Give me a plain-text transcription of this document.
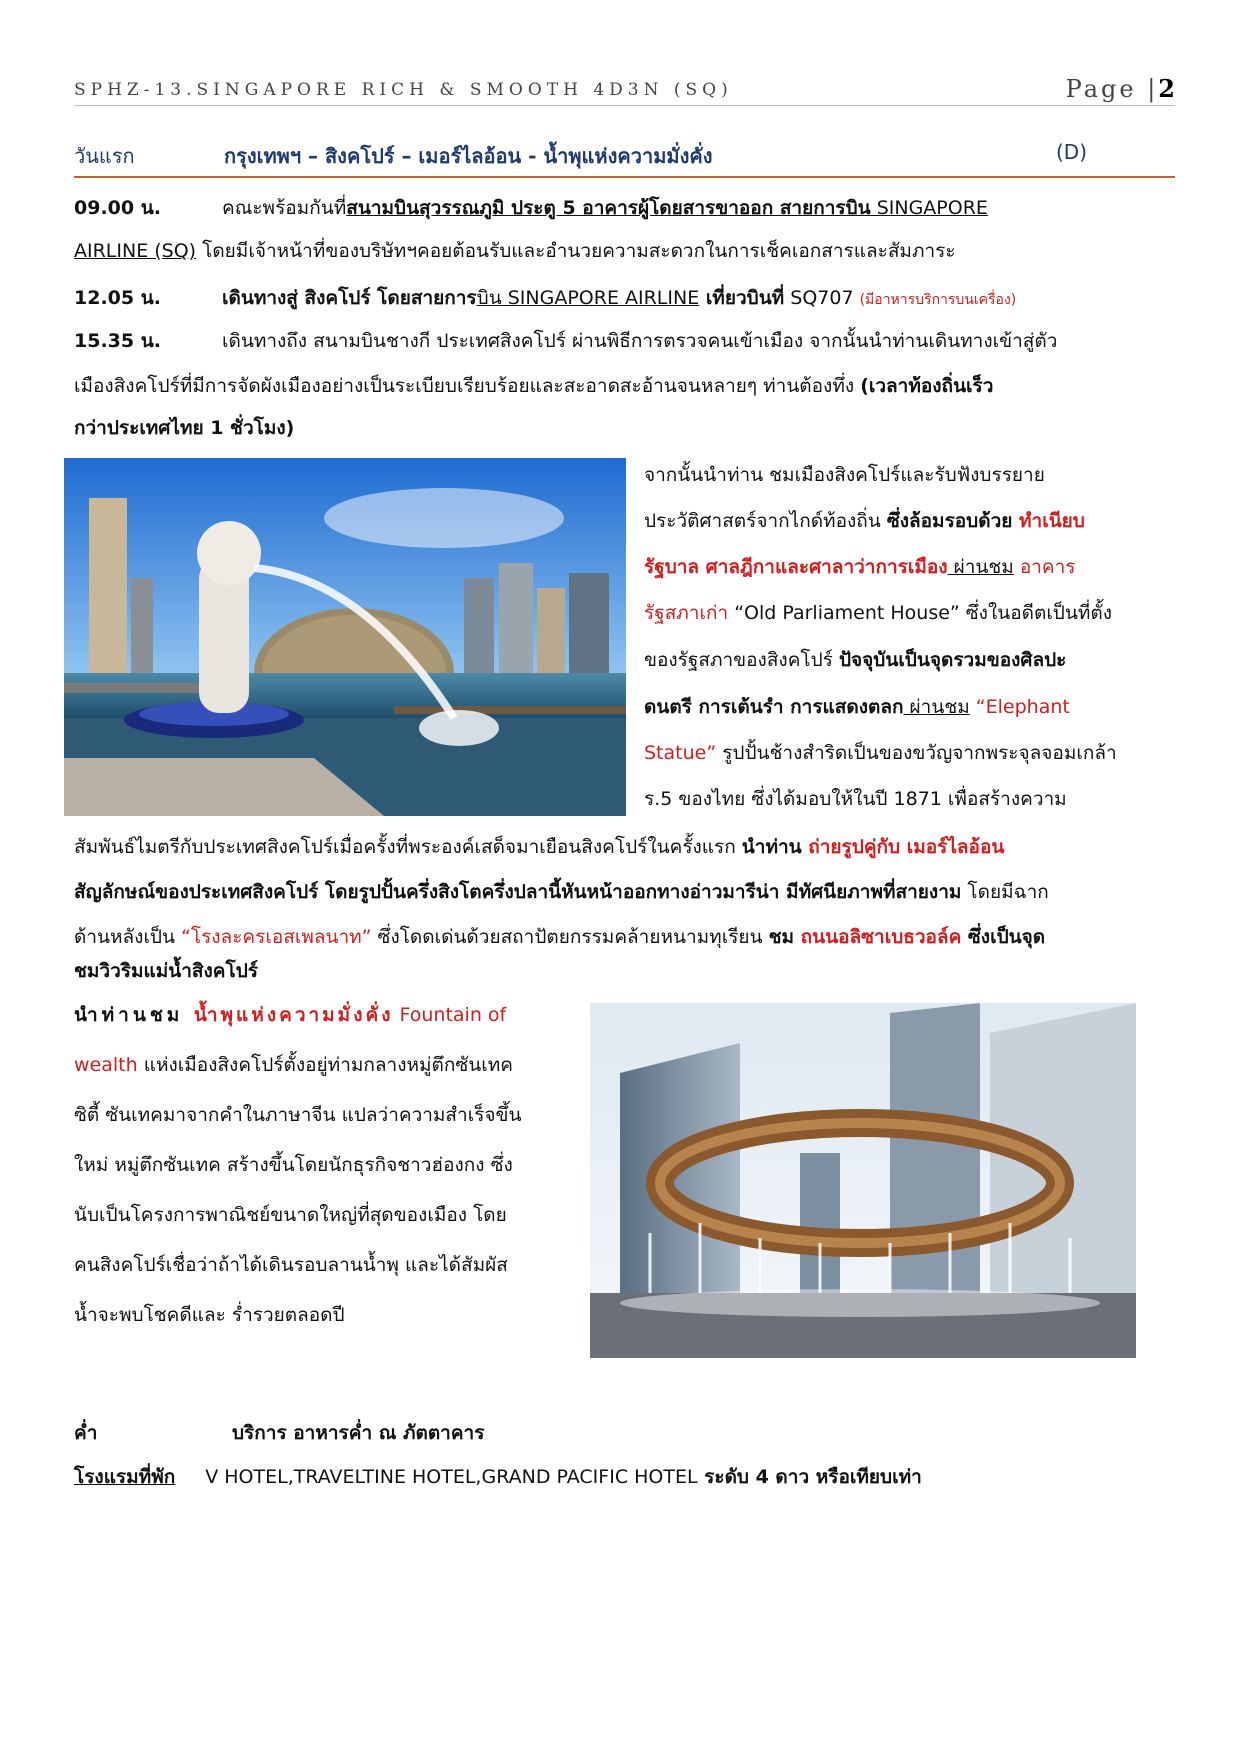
SPHZ-13.SINGAPORE RICH & SMOOTH 4D3N (SQ)	Page |2
วันแรก	กรุงเทพฯ – สิงคโปร์ – เมอร์ไลอ้อน - น้ำพุแห่งความมั่งคั่ง	(D)
09.00 น.	คณะพร้อมกันที่สนามบินสุวรรณภูมิ ประตู 5 อาคารผู้โดยสารขาออก สายการบิน SINGAPORE
AIRLINE (SQ) โดยมีเจ้าหน้าที่ของบริษัทฯคอยต้อนรับและอำนวยความสะดวกในการเช็คเอกสารและสัมภาระ
12.05 น.	เดินทางสู่ สิงคโปร์ โดยสายการบิน SINGAPORE AIRLINE เที่ยวบินที่ SQ707 (มีอาหารบริการบนเครื่อง)
15.35 น.	เดินทางถึง สนามบินชางกี ประเทศสิงคโปร์ ผ่านพิธีการตรวจคนเข้าเมือง จากนั้นนำท่านเดินทางเข้าสู่ตัว
เมืองสิงคโปร์ที่มีการจัดผังเมืองอย่างเป็นระเบียบเรียบร้อยและสะอาดสะอ้านจนหลายๆ ท่านต้องทึ่ง (เวลาท้องถิ่นเร็ว
กว่าประเทศไทย 1 ชั่วโมง)
จากนั้นนำท่าน ชมเมืองสิงคโปร์และรับฟังบรรยาย
ประวัติศาสตร์จากไกด์ท้องถิ่น ซึ่งล้อมรอบด้วย ทำเนียบ
รัฐบาล ศาลฎีกาและศาลาว่าการเมือง ผ่านชม อาคาร
รัฐสภาเก่า “Old Parliament House” ซึ่งในอดีตเป็นที่ตั้ง
ของรัฐสภาของสิงคโปร์ ปัจจุบันเป็นจุดรวมของศิลปะ
ดนตรี การเต้นรำ การแสดงตลก ผ่านชม “Elephant
Statue” รูปปั้นช้างสำริดเป็นของขวัญจากพระจุลจอมเกล้า
ร.5 ของไทย ซึ่งได้มอบให้ในปี 1871 เพื่อสร้างความ
สัมพันธ์ไมตรีกับประเทศสิงคโปร์เมื่อครั้งที่พระองค์เสด็จมาเยือนสิงคโปร์ในครั้งแรก นำท่าน ถ่ายรูปคู่กับ เมอร์ไลอ้อน
สัญลักษณ์ของประเทศสิงคโปร์ โดยรูปปั้นครึ่งสิงโตครึ่งปลานี้หันหน้าออกทางอ่าวมารีน่า มีทัศนียภาพที่สายงาม โดยมีฉาก
ด้านหลังเป็น “โรงละครเอสเพลนาท” ซึ่งโดดเด่นด้วยสถาปัตยกรรมคล้ายหนามทุเรียน ชม ถนนอลิซาเบธวอล์ค ซึ่งเป็นจุด
ชมวิวริมแม่น้ำสิงคโปร์
นำท่านชม น้ำพุแห่งความมั่งคั่ง Fountain of
wealth แห่งเมืองสิงคโปร์ตั้งอยู่ท่ามกลางหมู่ตึกซันเทค
ซิตี้ ซันเทคมาจากคำในภาษาจีน แปลว่าความสำเร็จขึ้น
ใหม่ หมู่ตึกซันเทค สร้างขึ้นโดยนักธุรกิจชาวฮ่องกง ซึ่ง
นับเป็นโครงการพาณิชย์ขนาดใหญ่ที่สุดของเมือง โดย
คนสิงคโปร์เชื่อว่าถ้าได้เดินรอบลานน้ำพุ และได้สัมผัส
น้ำจะพบโชคดีและ ร่ำรวยตลอดปี
ค่ำ	บริการ อาหารค่ำ ณ ภัตตาคาร
โรงแรมที่พัก V HOTEL,TRAVELTINE HOTEL,GRAND PACIFIC HOTEL ระดับ 4 ดาว หรือเทียบเท่า
